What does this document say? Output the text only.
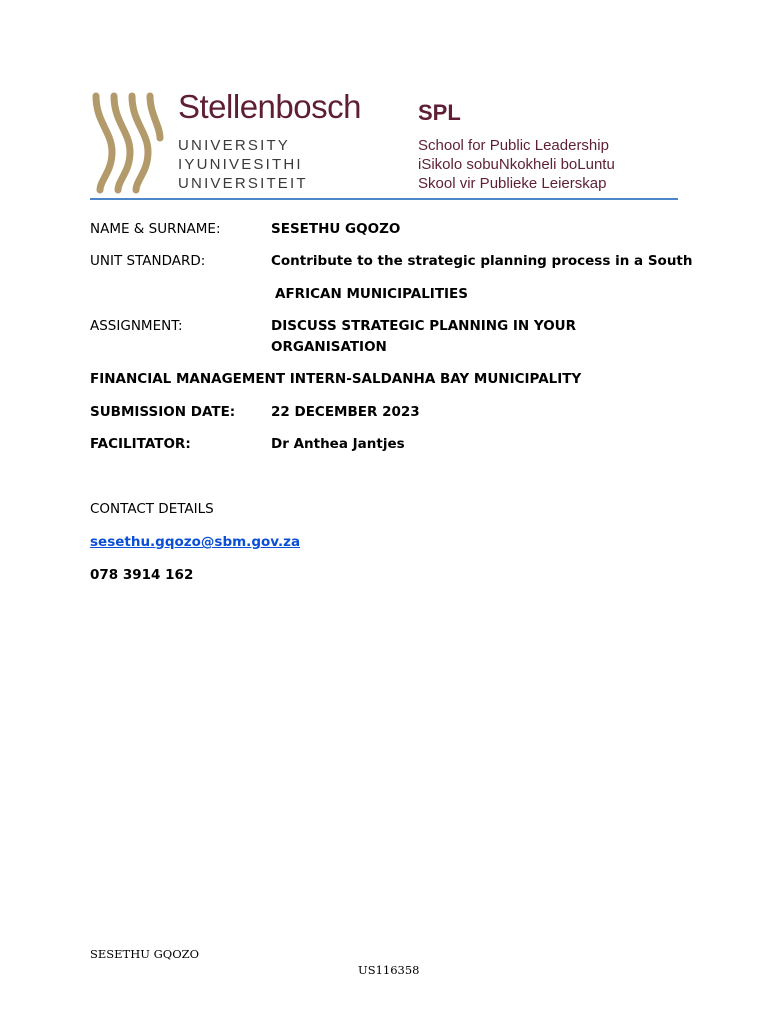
Stellenbosch
UNIVERSITY
IYUNIVESITHI
UNIVERSITEIT
SPL
School for Public Leadership
iSikolo sobuNkokheli boLuntu
Skool vir Publieke Leierskap
NAME & SURNAME:	SESETHU GQOZO
UNIT STANDARD:	Contribute to the strategic planning process in a South
AFRICAN MUNICIPALITIES
ASSIGNMENT:	DISCUSS STRATEGIC PLANNING IN YOUR
ORGANISATION
FINANCIAL MANAGEMENT INTERN-SALDANHA BAY MUNICIPALITY
SUBMISSION DATE:	22 DECEMBER 2023
FACILITATOR:	Dr Anthea Jantjes
CONTACT DETAILS
sesethu.gqozo@sbm.gov.za
078 3914 162
SESETHU GQOZO
US116358
